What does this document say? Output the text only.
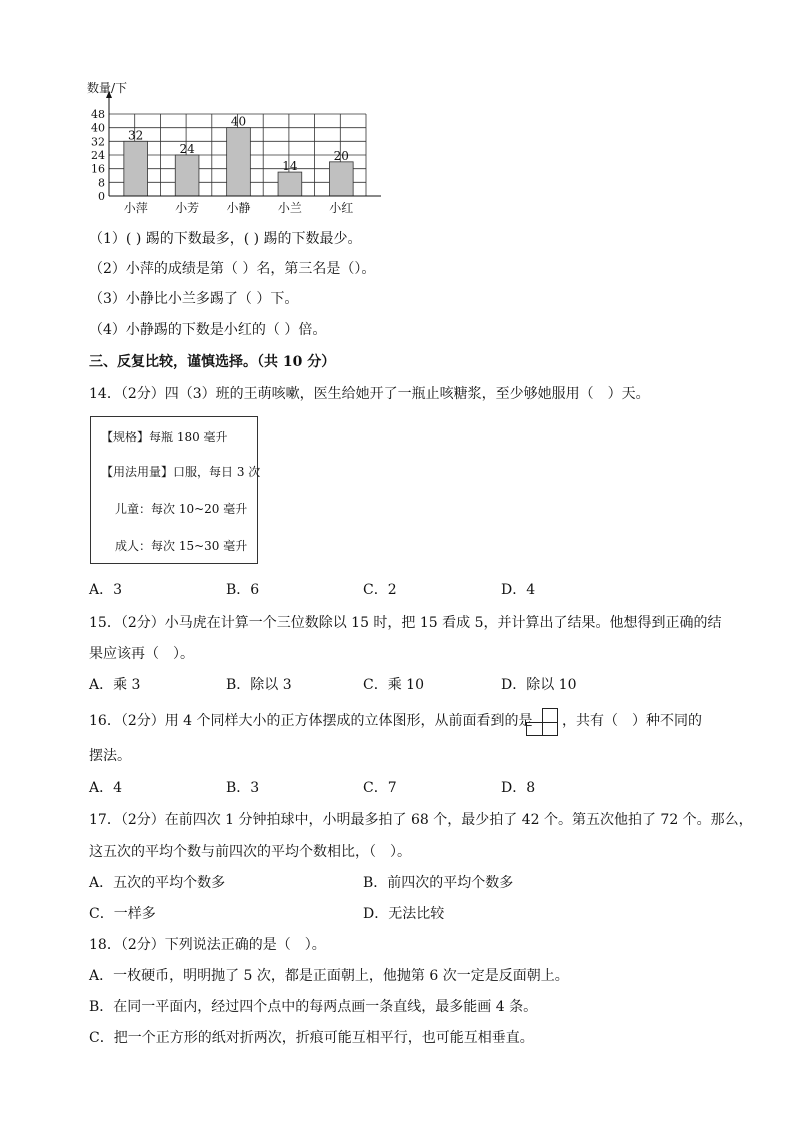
32
小萍
24
小芳
40
小静
14
小兰
20
小红
0
8
16
24
32
40
48
数量/下
（1）( ) 踢的下数最多，( ) 踢的下数最少。
（2）小萍的成绩是第（ ）名，第三名是（）。
（3）小静比小兰多踢了（ ）下。
（4）小静踢的下数是小红的（ ）倍。
三、反复比较，谨慎选择。（共 10 分）
14．（2分）四（3）班的王萌咳嗽，医生给她开了一瓶止咳糖浆，至少够她服用（　）天。
【规格】每瓶 180 毫升
【用法用量】口服，每日 3 次
儿童：每次 10~20 毫升
成人：每次 15~30 毫升
A．3	B．6	C．2	D．4
15．（2分）小马虎在计算一个三位数除以 15 时，把 15 看成 5，并计算出了结果。他想得到正确的结
果应该再（　）。
A．乘 3	B．除以 3	C．乘 10	D．除以 10
16．（2分）用 4 个同样大小的正方体摆成的立体图形，从前面看到的是 ，共有（　）种不同的
摆法。
A．4	B．3	C．7	D．8
17．（2分）在前四次 1 分钟拍球中，小明最多拍了 68 个，最少拍了 42 个。第五次他拍了 72 个。那么，
这五次的平均个数与前四次的平均个数相比，（　）。
A．五次的平均个数多	B．前四次的平均个数多
C．一样多	D．无法比较
18．（2分）下列说法正确的是（　）。
A．一枚硬币，明明抛了 5 次，都是正面朝上，他抛第 6 次一定是反面朝上。
B．在同一平面内，经过四个点中的每两点画一条直线，最多能画 4 条。
C．把一个正方形的纸对折两次，折痕可能互相平行，也可能互相垂直。
